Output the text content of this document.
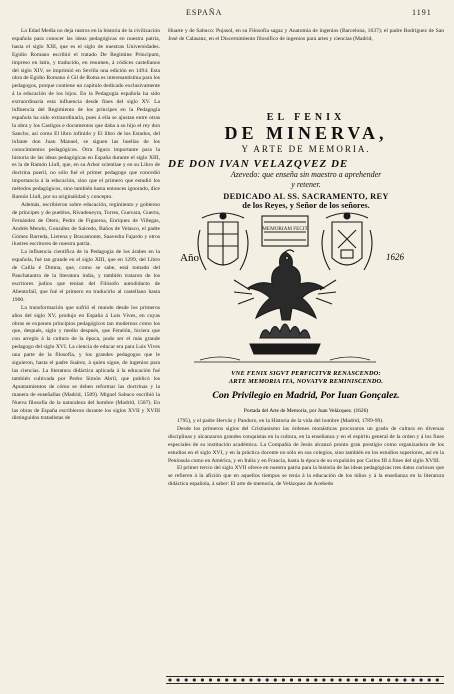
ESPAÑA	1191

La Edad Media no deja rastros en la historia de la civilización española para conocer las ideas pedagógicas en nuestra patria, hasta el siglo XIII, que es el siglo de nuestras Universidades. Egidio Romano escribió el tratado De Regimine Principum, impreso en latín, y traducido, en resumen, á códices castellanos del siglo XIV, se imprimió en Sevilla una edición en 1494. Esta obra de Egidio Romano ó Gil de Roma es interesantísima para los pedagogos, porque contiene un capítulo dedicado exclusivamente á la educación de los hijos. En la Pedagogía española ha sido extraordinaria esta influencia desde fines del siglo XV. La influencia del Regimiento de los príncipes en la Pedagogía española ha sido extraordinaria, pues á ella se ajustan entre otras la obra y los Castigos e documentos que daba a su hijo el rey don Sancho, así como El libro infinido y El libro de los Estados, del infante don Juan Manuel, se siguen las huellas de los conocimientos pedagógicos. Otra figura importante para la historia de las ideas pedagógicas en España durante el siglo XIII, es la de Ramón Llull, que, en su Arbor scientiae y en su Libro de doctrina pueril, no sólo fué el primer pedagogo que concedió importancia á la educación, sino que el primero que estudió los métodos pedagógicos, sino también hasta entonces ignorado, dice Ramón Llull, por su originalidad y concepto.

Además, escribieron sobre educación, regimiento y gobierno de príncipes y de pueblos, Rivadeneyra, Torres, Guevara, Guerra, Fernández de Otero, Pedro de Figueroa, Enríquez de Villegas, Andrés Mendo, González de Salcedo, Baños de Velasco, el padre Gómez Barreda, Lierena y Bracamonte, Saavedra Fajardo y otros ilustres escritores de nuestra patria.

La influencia científica de la Pedagogía de los árabes en la española, fué tan grande en el siglo XIII, que en 1299, del Libro de Calila é Dimna, que, como se sabe, está tomado del Panchatantra de la literatura india, y también trataron de los escritores judíos que tenían del Filósofo autodidacto de Abentofail, que fué el primero en traducirlo al castellano hasta 1900.

La transformación que sufrió el mundo desde los primeros años del siglo XV, produjo en España á Luis Vives, en cuyas obras se exponen principios pedagógicos tan modernos como los que, después, siglo y medio después, que Fenelón, hiciera que con arreglo á la cultura de la época, pudo ser el más grande pedagogo del siglo XVI. La ciencia de educar era para Luis Vives una parte de la filosofía, y los grandes pedagogos que le siguieron, hasta el padre Suárez, á quien sigue, de ingenios para las ciencias. La literatura didáctica aplicada á la educación fué también cultivada por Pedro Simón Abril, que publicó los Apuntamientos de cómo se deben reformar las doctrinas y la manera de enseñallas (Madrid, 1589). Miguel Sabuco escribió la Nueva filosofía de la naturaleza del hombre (Madrid, 1587). En las obras de España escribieron durante los siglos XVII y XVIII distinguidos tratadistas de

Huarte y de Sabuco: Pujasol, en su Filosofía sagaz y Anatomía de ingenios (Barcelona, 1637); el padre Rodríguez de San José de Calasanz, en el Discernimiento filosófico de ingenios para artes y ciencias (Madrid,

EL FENIX
DE MINERVA,
Y ARTE DE MEMORIA.
DE DON IVAN VELAZQVEZ DE
Azevedo: que enseña sin maestro a aprehender
y retener.
DEDICADO AL SS. SACRAMENTO, REY
de los Reyes, y Señor de los señores.
Año	1626
MEMORIAM FECIT
VNE FENIX SIGVT PERFICITVR RENASCENDO:
ARTE MEMORIA ITA, NOVATVR REMINISCENDO.
Con Privilegio en Madrid, Por Iuan Gonçalez.
Portada del Arte de Memoria, por Juan Velázquez. (1626)

1795), y el padre Hervás y Panduro, en la Historia de la vida del hombre (Madrid, 1789-99).

Desde los primeros siglos del Cristianismo las órdenes monásticas procuraron un grado de cultura en diversas disciplinas y alcanzaron grandes conquistas en la cultura, en la enseñanza y en el espíritu general de la orden y á los fines especiales de su institución académica. La Compañía de Jesús alcanzó pronto gran prestigio como organizadora de los estudios en el siglo XVI, y en la práctica docente no sólo en sus colegios, sino también en los estudios superiores, así en la Península como en América, y en Italia y en Francia, hasta la época de su expulsión por Carlos III á fines del siglo XVIII.

El primer tercio del siglo XVII ofrece en nuestra patria para la historia de las ideas pedagógicas tres datos curiosos que se refieren á la afición que en aquellos tiempos se tenía á la educación de los niños y á la enseñanza en la literatura didáctica española, á saber: El arte de memoria, de Velázquez de Acebedo
